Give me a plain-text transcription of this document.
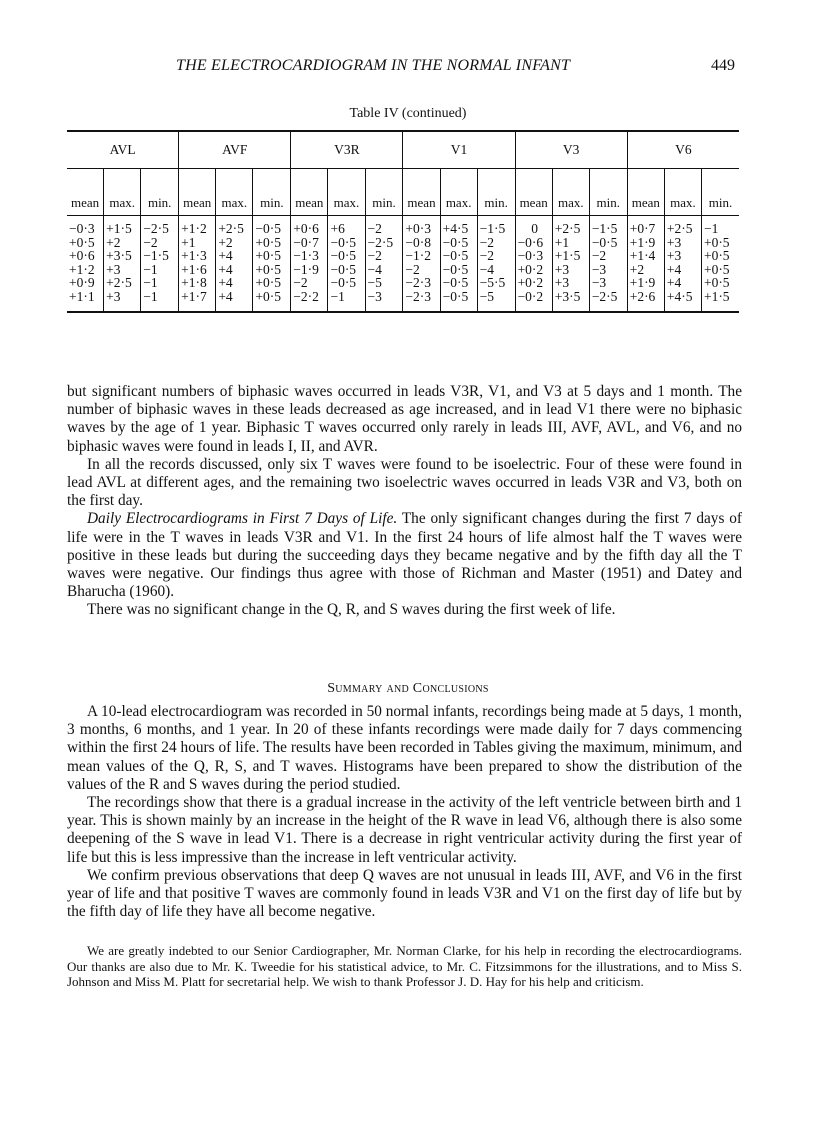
THE ELECTROCARDIOGRAM IN THE NORMAL INFANT	449
Table IV (continued)
AVL			AVF			V3R			V1			V3			V6		

mean	max.	min.	mean	max.	min.	mean	max.	min.	mean	max.	min.	mean	max.	min.	mean	max.	min.
−0·3	+1·5	−2·5	+1·2	+2·5	−0·5	+0·6	+6	−2	+0·3	+4·5	−1·5	0	+2·5	−1·5	+0·7	+2·5	−1
+0·5	+2	−2	+1	+2	+0·5	−0·7	−0·5	−2·5	−0·8	−0·5	−2	−0·6	+1	−0·5	+1·9	+3	+0·5
+0·6	+3·5	−1·5	+1·3	+4	+0·5	−1·3	−0·5	−2	−1·2	−0·5	−2	−0·3	+1·5	−2	+1·4	+3	+0·5
+1·2	+3	−1	+1·6	+4	+0·5	−1·9	−0·5	−4	−2	−0·5	−4	+0·2	+3	−3	+2	+4	+0·5
+0·9	+2·5	−1	+1·8	+4	+0·5	−2	−0·5	−5	−2·3	−0·5	−5·5	+0·2	+3	−3	+1·9	+4	+0·5
+1·1	+3	−1	+1·7	+4	+0·5	−2·2	−1	−3	−2·3	−0·5	−5	−0·2	+3·5	−2·5	+2·6	+4·5	+1·5

but significant numbers of biphasic waves occurred in leads V3R, V1, and V3 at 5 days and 1 month. The number of biphasic waves in these leads decreased as age increased, and in lead V1 there were no biphasic waves by the age of 1 year. Biphasic T waves occurred only rarely in leads III, AVF, AVL, and V6, and no biphasic waves were found in leads I, II, and AVR.

In all the records discussed, only six T waves were found to be isoelectric. Four of these were found in lead AVL at different ages, and the remaining two isoelectric waves occurred in leads V3R and V3, both on the first day.

Daily Electrocardiograms in First 7 Days of Life. The only significant changes during the first 7 days of life were in the T waves in leads V3R and V1. In the first 24 hours of life almost half the T waves were positive in these leads but during the succeeding days they became negative and by the fifth day all the T waves were negative. Our findings thus agree with those of Richman and Master (1951) and Datey and Bharucha (1960).

There was no significant change in the Q, R, and S waves during the first week of life.

Summary and Conclusions

A 10-lead electrocardiogram was recorded in 50 normal infants, recordings being made at 5 days, 1 month, 3 months, 6 months, and 1 year. In 20 of these infants recordings were made daily for 7 days commencing within the first 24 hours of life. The results have been recorded in Tables giving the maximum, minimum, and mean values of the Q, R, S, and T waves. Histograms have been prepared to show the distribution of the values of the R and S waves during the period studied.

The recordings show that there is a gradual increase in the activity of the left ventricle between birth and 1 year. This is shown mainly by an increase in the height of the R wave in lead V6, although there is also some deepening of the S wave in lead V1. There is a decrease in right ventricular activity during the first year of life but this is less impressive than the increase in left ventricular activity.

We confirm previous observations that deep Q waves are not unusual in leads III, AVF, and V6 in the first year of life and that positive T waves are commonly found in leads V3R and V1 on the first day of life but by the fifth day of life they have all become negative.

We are greatly indebted to our Senior Cardiographer, Mr. Norman Clarke, for his help in recording the electrocardiograms. Our thanks are also due to Mr. K. Tweedie for his statistical advice, to Mr. C. Fitzsimmons for the illustrations, and to Miss S. Johnson and Miss M. Platt for secretarial help. We wish to thank Professor J. D. Hay for his help and criticism.
